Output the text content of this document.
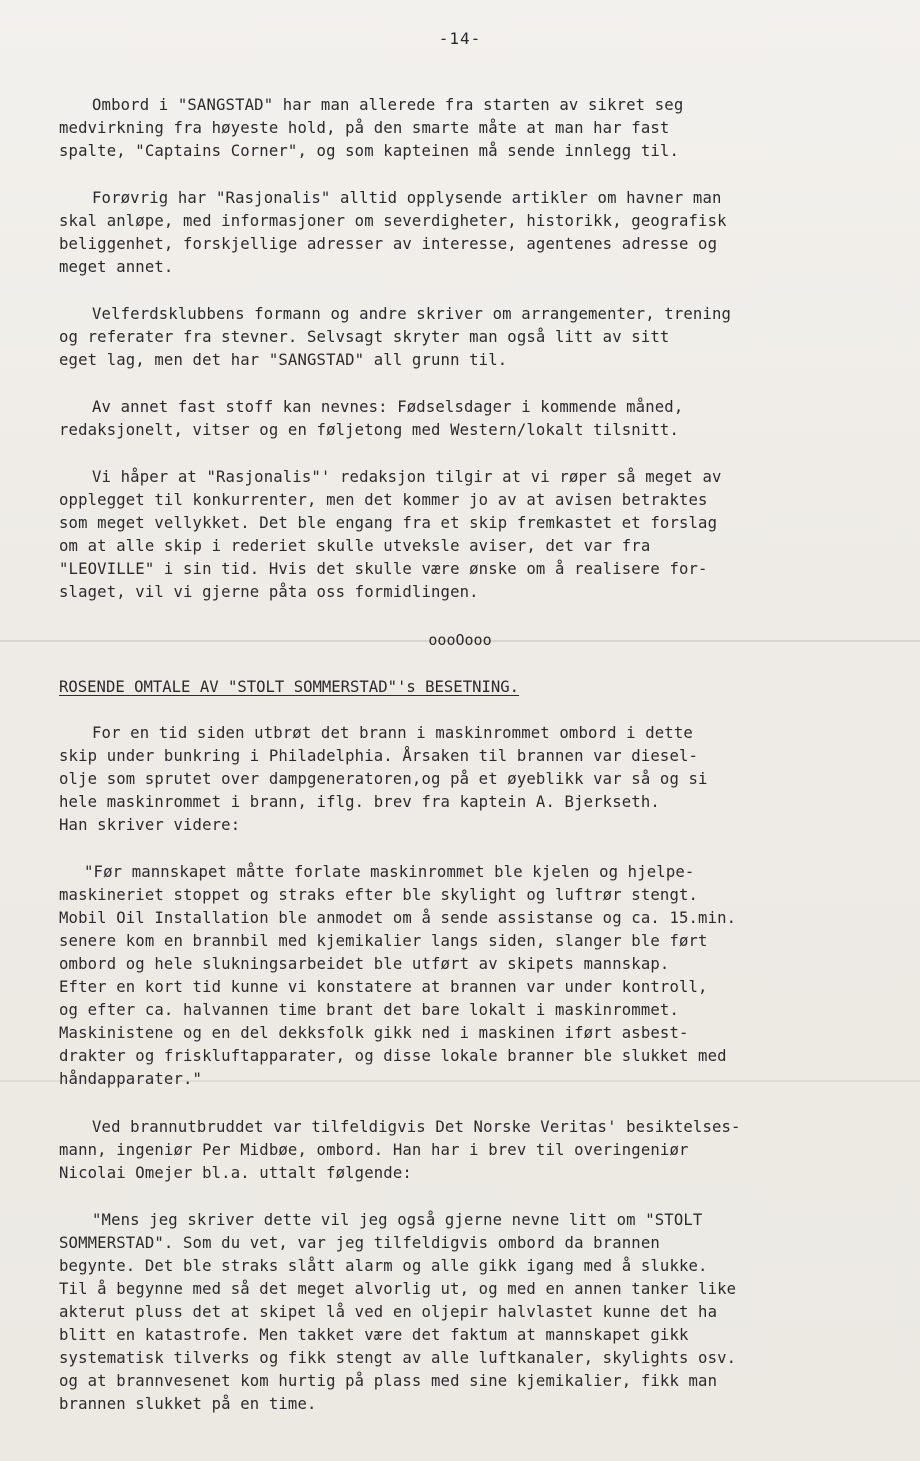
-14-
Ombord i "SANGSTAD" har man allerede fra starten av sikret seg
medvirkning fra høyeste hold, på den smarte måte at man har fast
spalte, "Captains Corner", og som kapteinen må sende innlegg til.
Forøvrig har "Rasjonalis" alltid opplysende artikler om havner man
skal anløpe, med informasjoner om severdigheter, historikk, geografisk
beliggenhet, forskjellige adresser av interesse, agentenes adresse og
meget annet.
Velferdsklubbens formann og andre skriver om arrangementer, trening
og referater fra stevner. Selvsagt skryter man også litt av sitt
eget lag, men det har "SANGSTAD" all grunn til.
Av annet fast stoff kan nevnes: Fødselsdager i kommende måned,
redaksjonelt, vitser og en føljetong med Western/lokalt tilsnitt.
Vi håper at "Rasjonalis"' redaksjon tilgir at vi røper så meget av
opplegget til konkurrenter, men det kommer jo av at avisen betraktes
som meget vellykket. Det ble engang fra et skip fremkastet et forslag
om at alle skip i rederiet skulle utveksle aviser, det var fra
"LEOVILLE" i sin tid. Hvis det skulle være ønske om å realisere for-
slaget, vil vi gjerne påta oss formidlingen.
oooOooo
ROSENDE OMTALE AV "STOLT SOMMERSTAD"'s BESETNING.
For en tid siden utbrøt det brann i maskinrommet ombord i dette
skip under bunkring i Philadelphia. Årsaken til brannen var diesel-
olje som sprutet over dampgeneratoren,og på et øyeblikk var så og si
hele maskinrommet i brann, iflg. brev fra kaptein A. Bjerkseth.
Han skriver videre:
"Før mannskapet måtte forlate maskinrommet ble kjelen og hjelpe-
maskineriet stoppet og straks efter ble skylight og luftrør stengt.
Mobil Oil Installation ble anmodet om å sende assistanse og ca. 15.min.
senere kom en brannbil med kjemikalier langs siden, slanger ble ført
ombord og hele slukningsarbeidet ble utført av skipets mannskap.
Efter en kort tid kunne vi konstatere at brannen var under kontroll,
og efter ca. halvannen time brant det bare lokalt i maskinrommet.
Maskinistene og en del dekksfolk gikk ned i maskinen iført asbest-
drakter og friskluftapparater, og disse lokale branner ble slukket med
håndapparater."
Ved brannutbruddet var tilfeldigvis Det Norske Veritas' besiktelses-
mann, ingeniør Per Midbøe, ombord. Han har i brev til overingeniør
Nicolai Omejer bl.a. uttalt følgende:
"Mens jeg skriver dette vil jeg også gjerne nevne litt om "STOLT
SOMMERSTAD". Som du vet, var jeg tilfeldigvis ombord da brannen
begynte. Det ble straks slått alarm og alle gikk igang med å slukke.
Til å begynne med så det meget alvorlig ut, og med en annen tanker like
akterut pluss det at skipet lå ved en oljepir halvlastet kunne det ha
blitt en katastrofe. Men takket være det faktum at mannskapet gikk
systematisk tilverks og fikk stengt av alle luftkanaler, skylights osv.
og at brannvesenet kom hurtig på plass med sine kjemikalier, fikk man
brannen slukket på en time.
